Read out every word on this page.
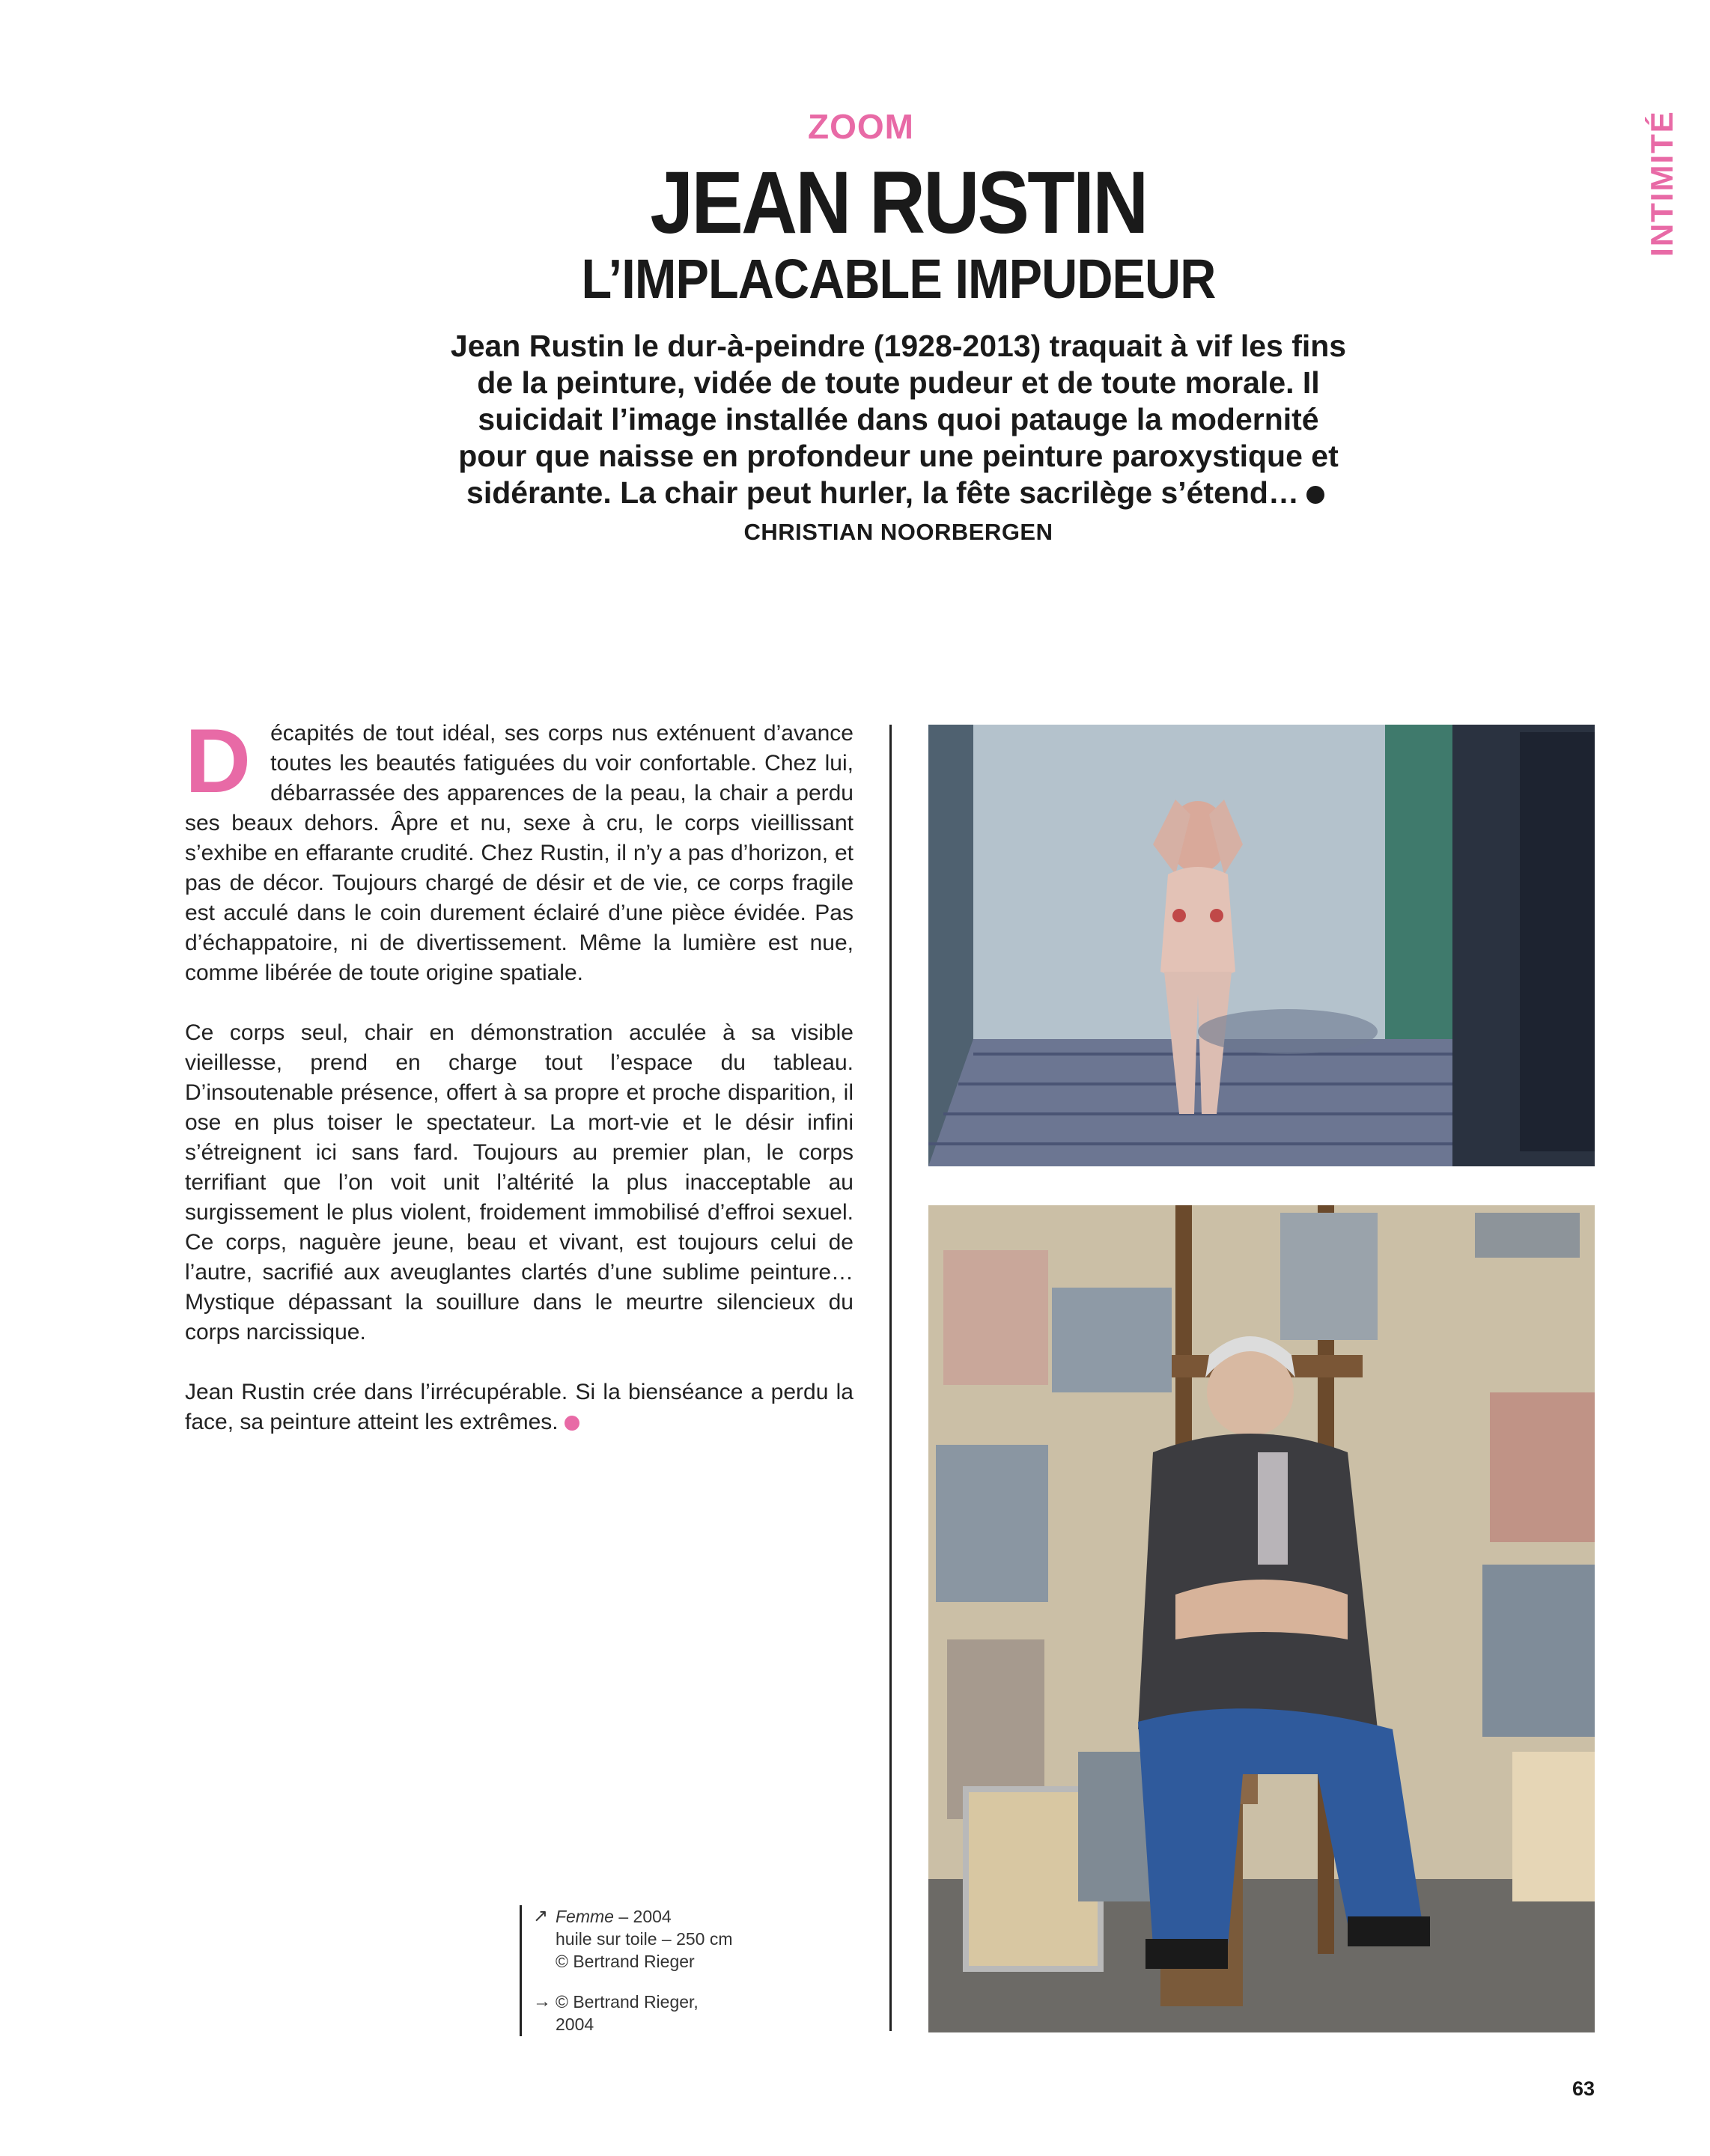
INTIMITÉ
ZOOM
JEAN RUSTIN
L’IMPLACABLE IMPUDEUR
Jean Rustin le dur-à-peindre (1928-2013) traquait à vif les fins de la peinture, vidée de toute pudeur et de toute morale. Il suicidait l’image installée dans quoi patauge la modernité pour que naisse en profondeur une peinture paroxystique et sidérante. La chair peut hurler, la fête sacrilège s’étend…CHRISTIAN NOORBERGEN

Décapités de tout idéal, ses corps nus exténuent d’avance toutes les beautés fatiguées du voir confortable. Chez lui, débarrassée des apparences de la peau, la chair a perdu ses beaux dehors. Âpre et nu, sexe à cru, le corps vieillissant s’exhibe en effarante crudité. Chez Rustin, il n’y a pas d’horizon, et pas de décor. Toujours chargé de désir et de vie, ce corps fragile est acculé dans le coin durement éclairé d’une pièce évidée. Pas d’échappatoire, ni de divertissement. Même la lumière est nue, comme libérée de toute origine spatiale.

Ce corps seul, chair en démonstration acculée à sa visible vieillesse, prend en charge tout l’espace du tableau. D’insoutenable présence, offert à sa propre et proche disparition, il ose en plus toiser le spectateur. La mort-vie et le désir infini s’étreignent ici sans fard. Toujours au premier plan, le corps terrifiant que l’on voit unit l’altérité la plus inacceptable au surgissement le plus violent, froidement immobilisé d’effroi sexuel. Ce corps, naguère jeune, beau et vivant, est toujours celui de l’autre, sacrifié aux aveuglantes clartés d’une sublime peinture… Mystique dépassant la souillure dans le meurtre silencieux du corps narcissique.

Jean Rustin crée dans l’irrécupérable. Si la bienséance a perdu la face, sa peinture atteint les extrêmes.

↗ Femme – 2004
huile sur toile – 250 cm
© Bertrand Rieger
→ © Bertrand Rieger,
2004
63
